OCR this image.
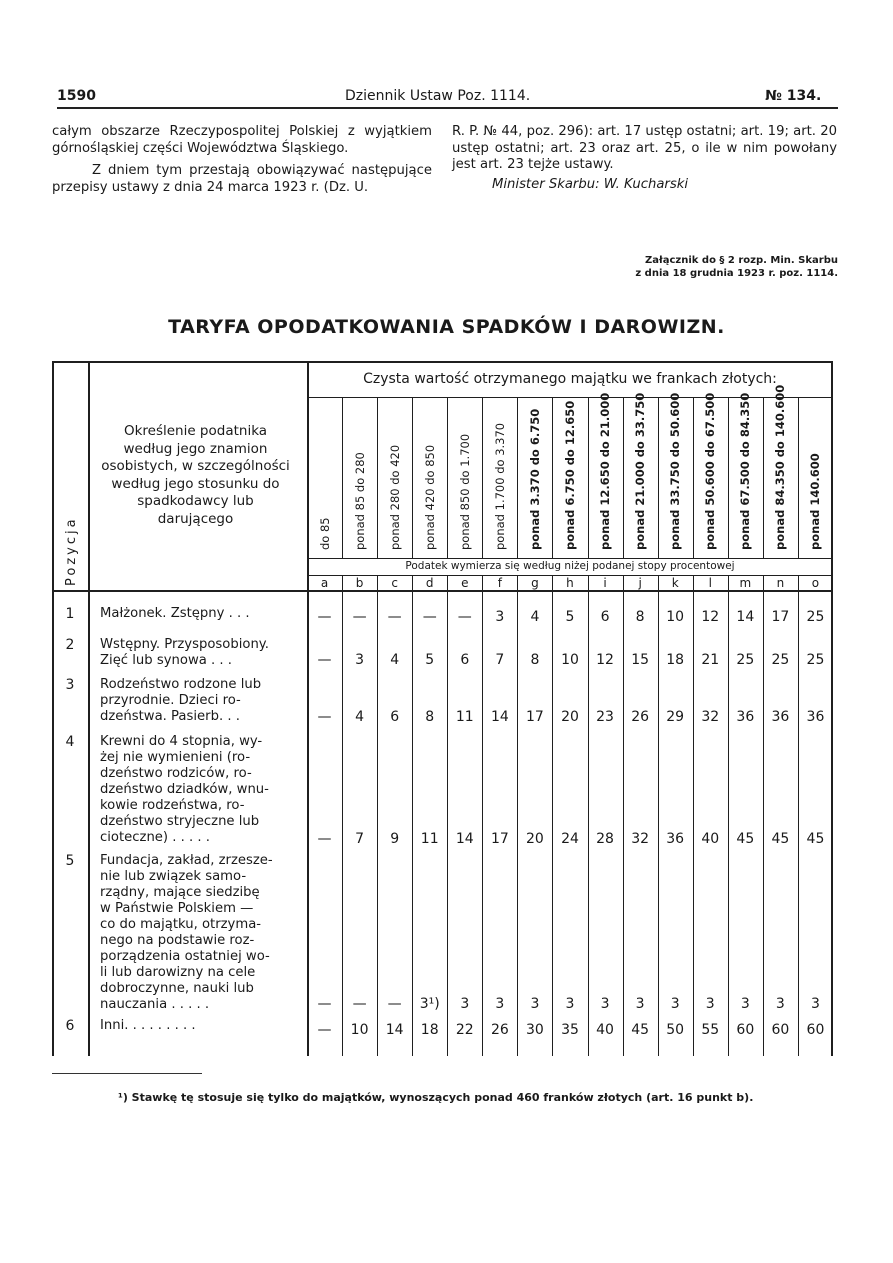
1590	Dziennik Ustaw Poz. 1114.	№ 134.

całym obszarze Rzeczypospolitej Polskiej z wyjątkiem górnośląskiej części Województwa Śląskiego.

Z dniem tym przestają obowiązywać następujące przepisy ustawy z dnia 24 marca 1923 r. (Dz. U.

R. P. № 44, poz. 296): art. 17 ustęp ostatni; art. 19; art. 20 ustęp ostatni; art. 23 oraz art. 25, o ile w nim powołany jest art. 23 tejże ustawy.

Minister Skarbu: W. Kucharski

Załącznik do § 2 rozp. Min. Skarbu
z dnia 18 grudnia 1923 r. poz. 1114.
TARYFA OPODATKOWANIA SPADKÓW I DAROWIZN.
Pozycja
Określenie podatnika według jego znamion osobistych, w szczególności według jego stosunku do spadkodawcy lub darującego
Czysta wartość otrzymanego majątku we frankach złotych:
Podatek wymierza się według niżej podanej stopy procentowej
do 85
a
ponad 85 do 280
b
ponad 280 do 420
c
ponad 420 do 850
d
ponad 850 do 1.700
e
ponad 1.700 do 3.370
f
ponad 3.370 do 6.750
g
ponad 6.750 do 12.650
h
ponad 12.650 do 21.000
i
ponad 21.000 do 33.750
j
ponad 33.750 do 50.600
k
ponad 50.600 do 67.500
l
ponad 67.500 do 84.350
m
ponad 84.350 do 140.600
n
ponad 140.600
o
1	Małżonek. Zstępny . . .	—	—	—	—	—	3	4	5	6	8	10	12	14	17	25
2	Wstępny. Przysposobiony.
Zięć lub synowa . . .	—	3	4	5	6	7	8	10	12	15	18	21	25	25	25
3	Rodzeństwo rodzone lub
przyrodnie. Dzieci ro-
dzeństwa. Pasierb. . .	—	4	6	8	11	14	17	20	23	26	29	32	36	36	36
4	Krewni do 4 stopnia, wy-
żej nie wymienieni (ro-
dzeństwo rodziców, ro-
dzeństwo dziadków, wnu-
kowie rodzeństwa, ro-
dzeństwo stryjeczne lub
cioteczne) . . . . .	—	7	9	11	14	17	20	24	28	32	36	40	45	45	45
5	Fundacja, zakład, zrzesze-
nie lub związek samo-
rządny, mające siedzibę
w Państwie Polskiem —
co do majątku, otrzyma-
nego na podstawie roz-
porządzenia ostatniej wo-
li lub darowizny na cele
dobroczynne, nauki lub
nauczania . . . . .	—	—	—	3¹)	3	3	3	3	3	3	3	3	3	3	3
6	Inni. . . . . . . . .	—	10	14	18	22	26	30	35	40	45	50	55	60	60	60
¹) Stawkę tę stosuje się tylko do majątków, wynoszących ponad 460 franków złotych (art. 16 punkt b).
